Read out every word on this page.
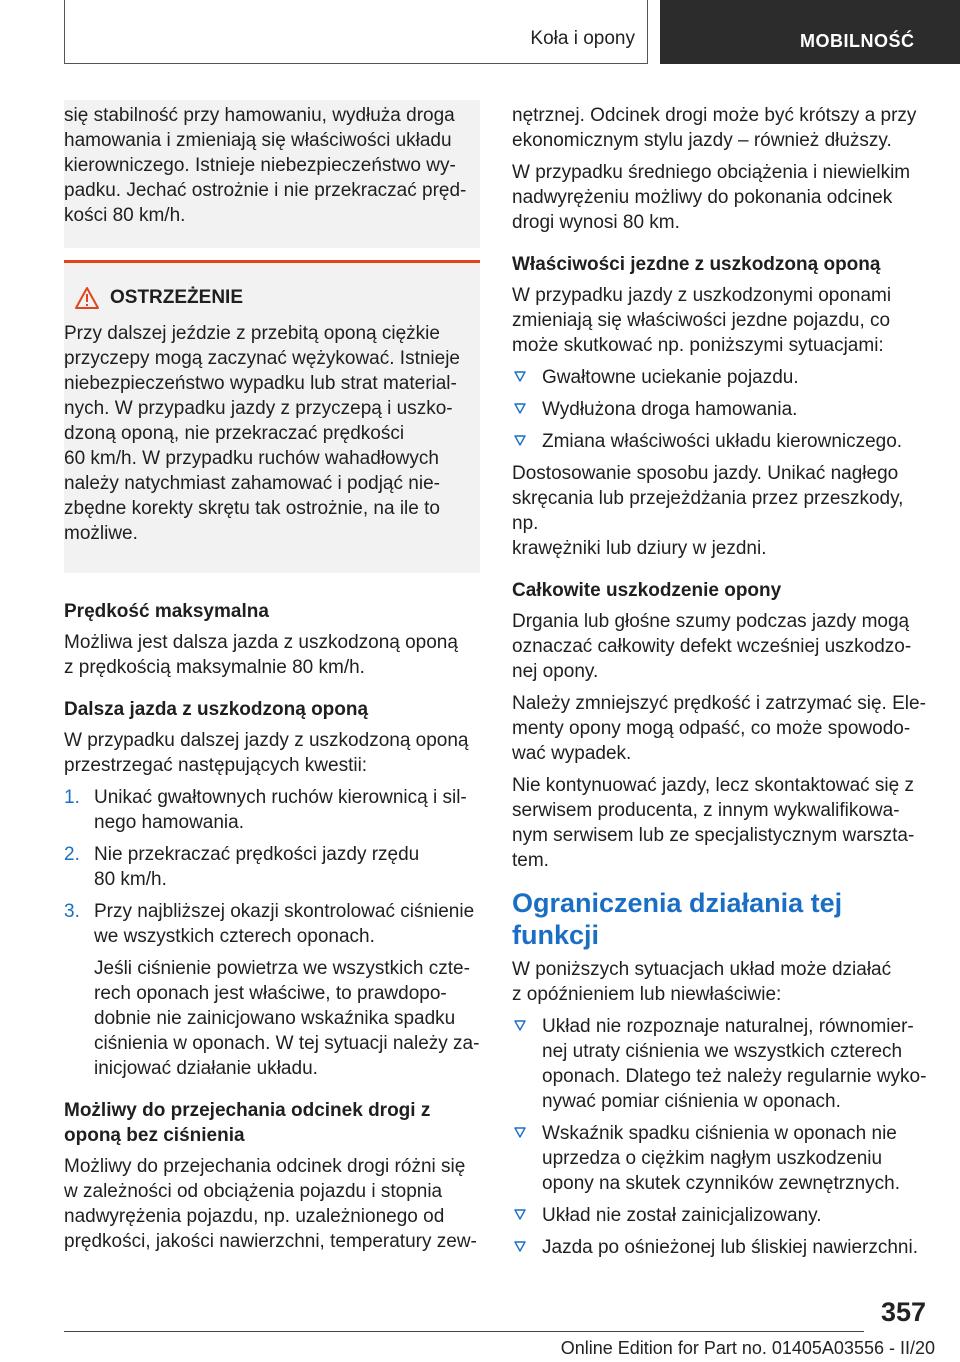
Koła i opony	MOBILNOŚĆ

się stabilność przy hamowaniu, wydłuża droga
hamowania i zmieniają się właściwości układu
kierowniczego. Istnieje niebezpieczeństwo wy-
padku. Jechać ostrożnie i nie przekraczać pręd-
kości 80 km/h.

OSTRZEŻENIE

Przy dalszej jeździe z przebitą oponą ciężkie
przyczepy mogą zaczynać wężykować. Istnieje
niebezpieczeństwo wypadku lub strat material-
nych. W przypadku jazdy z przyczepą i uszko-
dzoną oponą, nie przekraczać prędkości
60 km/h. W przypadku ruchów wahadłowych
należy natychmiast zahamować i podjąć nie-
zbędne korekty skrętu tak ostrożnie, na ile to
możliwe.

Prędkość maksymalna

Możliwa jest dalsza jazda z uszkodzoną oponą
z prędkością maksymalnie 80 km/h.

Dalsza jazda z uszkodzoną oponą

W przypadku dalszej jazdy z uszkodzoną oponą
przestrzegać następujących kwestii:

1. Unikać gwałtownych ruchów kierownicą i sil-
nego hamowania.
2. Nie przekraczać prędkości jazdy rzędu
80 km/h.
3. Przy najbliższej okazji skontrolować ciśnienie
we wszystkich czterech oponach.
Jeśli ciśnienie powietrza we wszystkich czte-
rech oponach jest właściwe, to prawdopo-
dobnie nie zainicjowano wskaźnika spadku
ciśnienia w oponach. W tej sytuacji należy za-
inicjować działanie układu.
Możliwy do przejechania odcinek drogi z
oponą bez ciśnienia

Możliwy do przejechania odcinek drogi różni się
w zależności od obciążenia pojazdu i stopnia
nadwyrężenia pojazdu, np. uzależnionego od
prędkości, jakości nawierzchni, temperatury zew-

nętrznej. Odcinek drogi może być krótszy a przy
ekonomicznym stylu jazdy – również dłuższy.

W przypadku średniego obciążenia i niewielkim
nadwyrężeniu możliwy do pokonania odcinek
drogi wynosi 80 km.

Właściwości jezdne z uszkodzoną oponą

W przypadku jazdy z uszkodzonymi oponami
zmieniają się właściwości jezdne pojazdu, co
może skutkować np. poniższymi sytuacjami:

Gwałtowne uciekanie pojazdu.
Wydłużona droga hamowania.
Zmiana właściwości układu kierowniczego.

Dostosowanie sposobu jazdy. Unikać nagłego
skręcania lub przejeżdżania przez przeszkody, np.
krawężniki lub dziury w jezdni.

Całkowite uszkodzenie opony

Drgania lub głośne szumy podczas jazdy mogą
oznaczać całkowity defekt wcześniej uszkodzo-
nej opony.

Należy zmniejszyć prędkość i zatrzymać się. Ele-
menty opony mogą odpaść, co może spowodo-
wać wypadek.

Nie kontynuować jazdy, lecz skontaktować się z
serwisem producenta, z innym wykwalifikowa-
nym serwisem lub ze specjalistycznym warszta-
tem.

Ograniczenia działania tej funkcji

W poniższych sytuacjach układ może działać
z opóźnieniem lub niewłaściwie:

Układ nie rozpoznaje naturalnej, równomier-
nej utraty ciśnienia we wszystkich czterech
oponach. Dlatego też należy regularnie wyko-
nywać pomiar ciśnienia w oponach.
Wskaźnik spadku ciśnienia w oponach nie
uprzedza o ciężkim nagłym uszkodzeniu
opony na skutek czynników zewnętrznych.
Układ nie został zainicjalizowany.
Jazda po ośnieżonej lub śliskiej nawierzchni.
357
Online Edition for Part no. 01405A03556 - II/20
